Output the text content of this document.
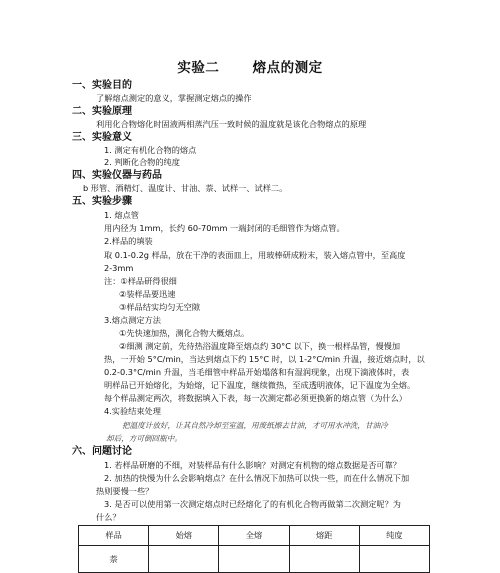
实验二 熔点的测定
一、实验目的
了解熔点测定的意义，掌握测定熔点的操作
二、实验原理
利用化合物熔化时固液两相蒸汽压一致时候的温度就是该化合物熔点的原理
三、实验意义
1. 测定有机化合物的熔点
2. 判断化合物的纯度
四、实验仪器与药品
b 形管、酒精灯、温度计、甘油、萘、试样一、试样二。
五、实验步骤
1. 熔点管
用内径为 1mm，长约 60-70mm 一端封闭的毛细管作为熔点管。
2.样品的填装
取 0.1-0.2g 样品，放在干净的表面皿上，用玻棒研成粉末，装入熔点管中，至高度
2-3mm
注：①样品研得很细
②装样品要迅速
③样品结实均匀无空隙
3.熔点测定方法
①先快速加热，测化合物大概熔点。
②细测 测定前，先待热浴温度降至熔点约 30°C 以下，换一根样品管，慢慢加
热，一开始 5°C/min，当达到熔点下约 15°C 时，以 1-2°C/min 升温，接近熔点时，以
0.2-0.3°C/min 升温，当毛细管中样品开始塌落和有湿润现象，出现下滴液体时，表
明样品已开始熔化，为始熔，记下温度，继续微热，至成透明液体，记下温度为全熔。
每个样品测定两次，将数据填入下表，每一次测定都必须更换新的熔点管（为什么）
4.实验结束处理
把温度计放好，让其自然冷却至室温，用废纸擦去甘油，才可用水冲洗，甘油冷
却后，方可倒回瓶中。
六、问题讨论
1. 若样品研磨的不细，对装样品有什么影响？对测定有机物的熔点数据是否可靠？
2. 加热的快慢为什么会影响熔点？在什么情况下加热可以快一些，而在什么情况下加
热则要慢一些？
3. 是否可以使用第一次测定熔点时已经熔化了的有机化合物再做第二次测定呢？为
什么？
样品	始熔	全熔	熔距	纯度
萘				
